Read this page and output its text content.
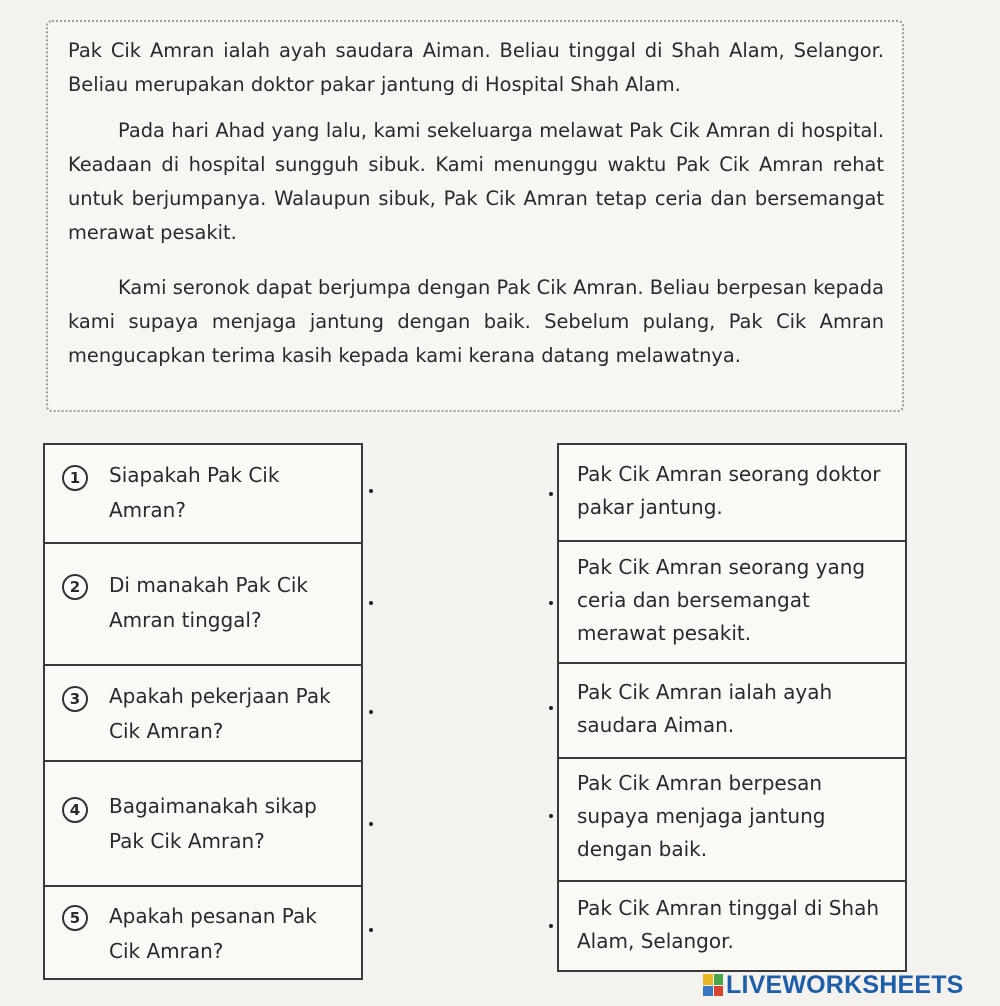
Pak Cik Amran ialah ayah saudara Aiman. Beliau tinggal di Shah Alam, Selangor. Beliau merupakan doktor pakar jantung di Hospital Shah Alam.

Pada hari Ahad yang lalu, kami sekeluarga melawat Pak Cik Amran di hospital. Keadaan di hospital sungguh sibuk. Kami menunggu waktu Pak Cik Amran rehat untuk berjumpanya. Walaupun sibuk, Pak Cik Amran tetap ceria dan bersemangat merawat pesakit.

Kami seronok dapat berjumpa dengan Pak Cik Amran. Beliau berpesan kepada kami supaya menjaga jantung dengan baik. Sebelum pulang, Pak Cik Amran mengucapkan terima kasih kepada kami kerana datang melawatnya.

1	Siapakah Pak Cik Amran?

2	Di manakah Pak Cik Amran tinggal?

3	Apakah pekerjaan Pak Cik Amran?

4	Bagaimanakah sikap Pak Cik Amran?

5	Apakah pesanan Pak Cik Amran?

Pak Cik Amran seorang doktor pakar jantung.

Pak Cik Amran seorang yang ceria dan bersemangat merawat pesakit.

Pak Cik Amran ialah ayah saudara Aiman.

Pak Cik Amran berpesan supaya menjaga jantung dengan baik.

Pak Cik Amran tinggal di Shah Alam, Selangor.

LIVEWORKSHEETS
